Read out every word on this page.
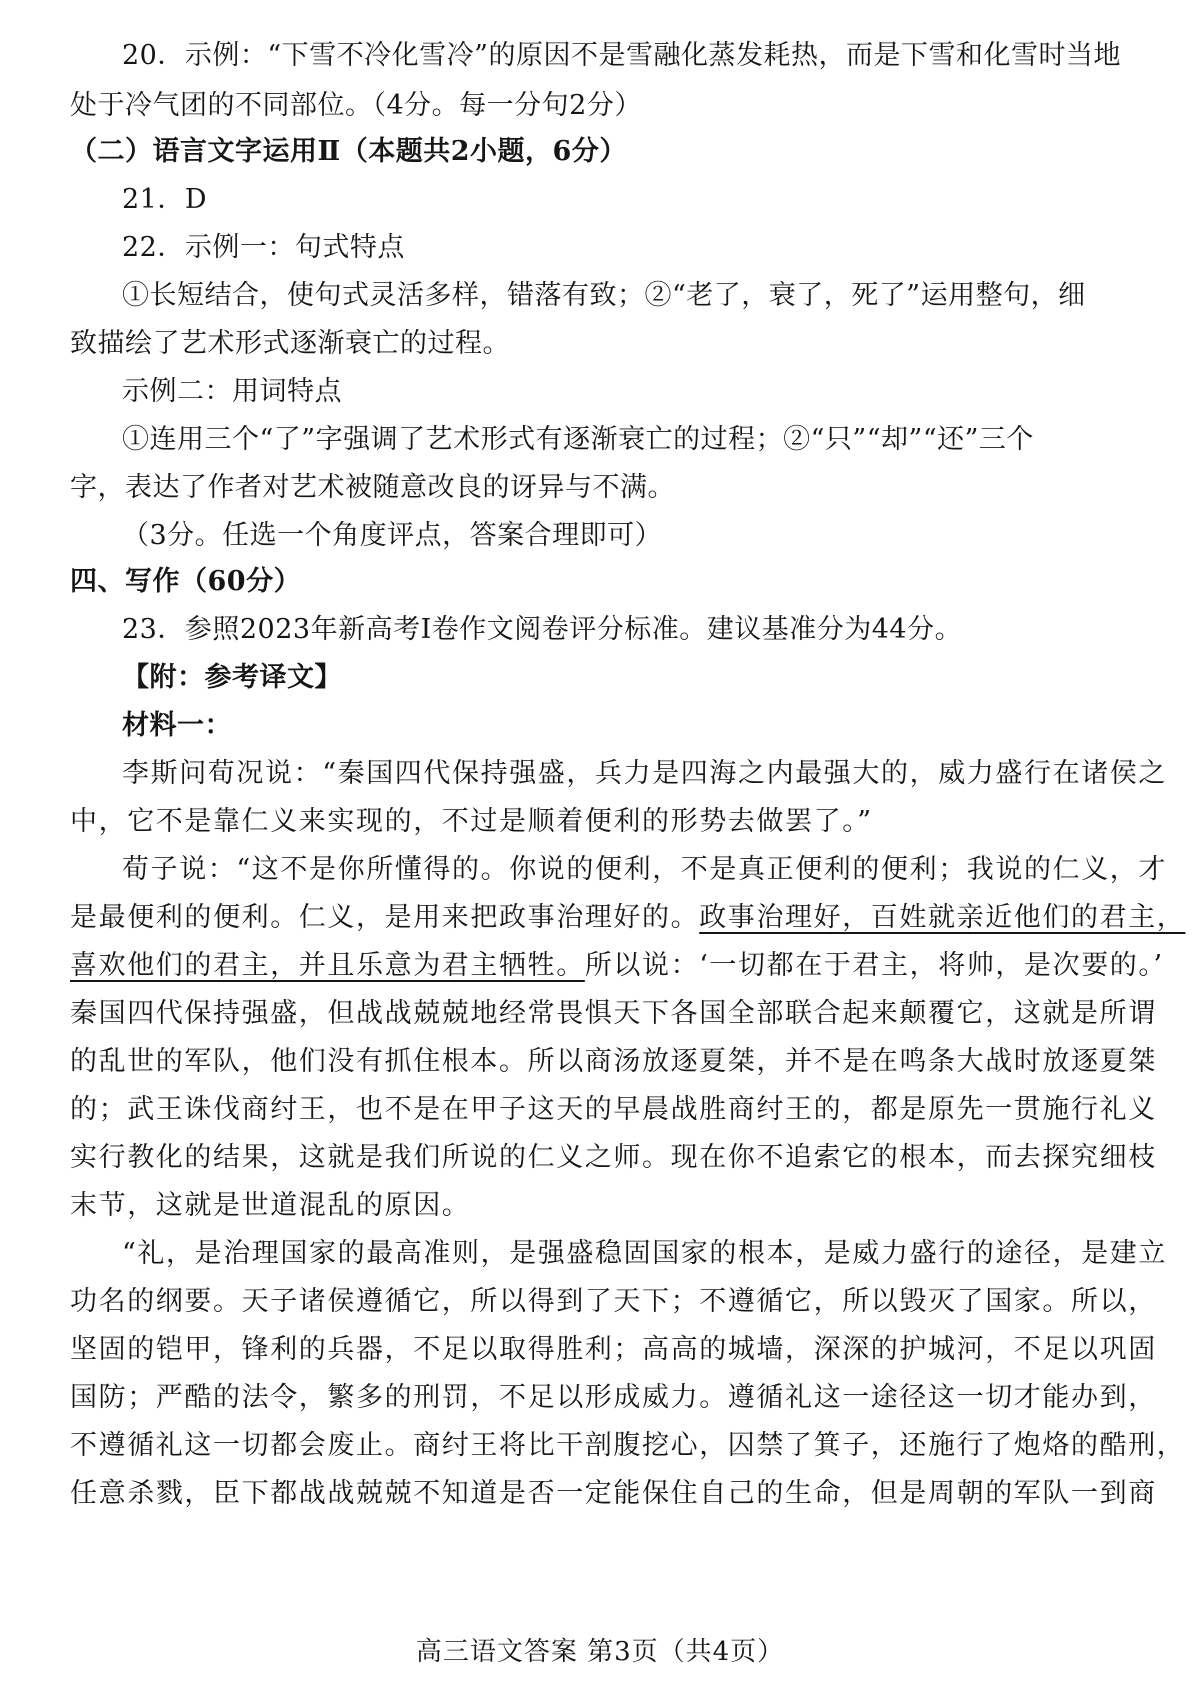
20．示例：“下雪不冷化雪冷”的原因不是雪融化蒸发耗热，而是下雪和化雪时当地
处于冷气团的不同部位。（4分。每一分句2分）
（二）语言文字运用Ⅱ（本题共2小题，6分）
21．D
22．示例一：句式特点
①长短结合，使句式灵活多样，错落有致；②“老了，衰了，死了”运用整句，细
致描绘了艺术形式逐渐衰亡的过程。
示例二：用词特点
①连用三个“了”字强调了艺术形式有逐渐衰亡的过程；②“只”“却”“还”三个
字，表达了作者对艺术被随意改良的讶异与不满。
（3分。任选一个角度评点，答案合理即可）
四、写作（60分）
23．参照2023年新高考Ⅰ卷作文阅卷评分标准。建议基准分为44分。
【附：参考译文】
材料一：
李斯问荀况说：“秦国四代保持强盛，兵力是四海之内最强大的，威力盛行在诸侯之
中，它不是靠仁义来实现的，不过是顺着便利的形势去做罢了。”
荀子说：“这不是你所懂得的。你说的便利，不是真正便利的便利；我说的仁义，才
是最便利的便利。仁义，是用来把政事治理好的。政事治理好，百姓就亲近他们的君主，
喜欢他们的君主，并且乐意为君主牺牲。所以说：‘一切都在于君主，将帅，是次要的。’
秦国四代保持强盛，但战战兢兢地经常畏惧天下各国全部联合起来颠覆它，这就是所谓
的乱世的军队，他们没有抓住根本。所以商汤放逐夏桀，并不是在鸣条大战时放逐夏桀
的；武王诛伐商纣王，也不是在甲子这天的早晨战胜商纣王的，都是原先一贯施行礼义
实行教化的结果，这就是我们所说的仁义之师。现在你不追索它的根本，而去探究细枝
末节，这就是世道混乱的原因。
“礼，是治理国家的最高准则，是强盛稳固国家的根本，是威力盛行的途径，是建立
功名的纲要。天子诸侯遵循它，所以得到了天下；不遵循它，所以毁灭了国家。所以，
坚固的铠甲，锋利的兵器，不足以取得胜利；高高的城墙，深深的护城河，不足以巩固
国防；严酷的法令，繁多的刑罚，不足以形成威力。遵循礼这一途径这一切才能办到，
不遵循礼这一切都会废止。商纣王将比干剖腹挖心，囚禁了箕子，还施行了炮烙的酷刑，
任意杀戮，臣下都战战兢兢不知道是否一定能保住自己的生命，但是周朝的军队一到商
高三语文答案 第3页（共4页）
